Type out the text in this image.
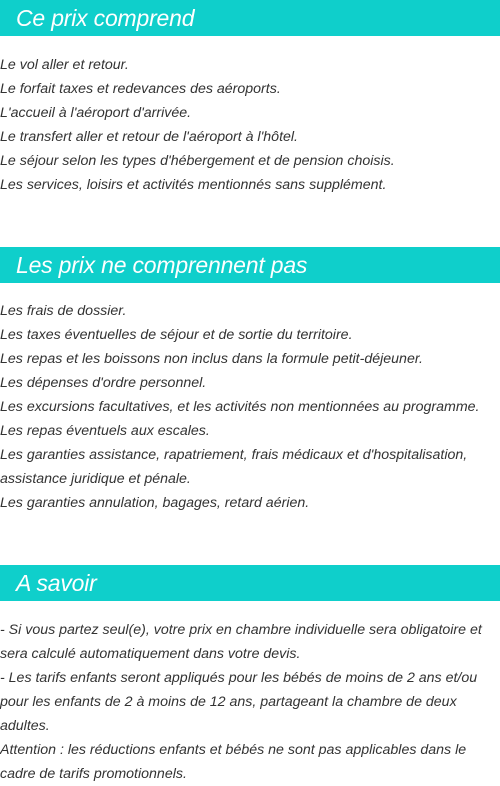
Ce prix comprend

Le vol aller et retour.

Le forfait taxes et redevances des aéroports.

L'accueil à l'aéroport d'arrivée.

Le transfert aller et retour de l'aéroport à l'hôtel.

Le séjour selon les types d'hébergement et de pension choisis.

Les services, loisirs et activités mentionnés sans supplément.

Les prix ne comprennent pas

Les frais de dossier.

Les taxes éventuelles de séjour et de sortie du territoire.

Les repas et les boissons non inclus dans la formule petit-déjeuner.

Les dépenses d'ordre personnel.

Les excursions facultatives, et les activités non mentionnées au programme.

Les repas éventuels aux escales.

Les garanties assistance, rapatriement, frais médicaux et d'hospitalisation, assistance juridique et pénale.

Les garanties annulation, bagages, retard aérien.

A savoir

- Si vous partez seul(e), votre prix en chambre individuelle sera obligatoire et sera calculé automatiquement dans votre devis.

- Les tarifs enfants seront appliqués pour les bébés de moins de 2 ans et/ou pour les enfants de 2 à moins de 12 ans, partageant la chambre de deux adultes.

Attention : les réductions enfants et bébés ne sont pas applicables dans le cadre de tarifs promotionnels.
